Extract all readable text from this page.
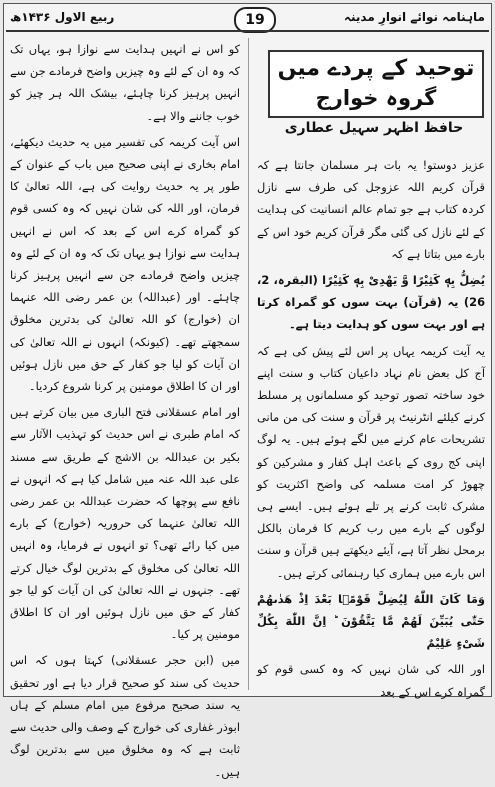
ربیع الاول ۱۴۳۶ھ	19	ماہنامہ نوائے انوارِ مدینہ

کو اس نے انہیں ہدایت سے نوازا ہو، یہاں تک کہ وہ ان کے لئے وہ چیزیں واضح فرمادے جن سے انہیں پرہیز کرنا چاہئے، بیشک اللہ ہر چیز کو خوب جاننے والا ہے۔

اس آیت کریمہ کی تفسیر میں یہ حدیث دیکھئے، امام بخاری نے اپنی صحیح میں باب کے عنوان کے طور پر یہ حدیث روایت کی ہے، اللہ تعالیٰ کا فرمان، اور اللہ کی شان نہیں کہ وہ کسی قوم کو گمراہ کرے اس کے بعد کہ اس نے انہیں ہدایت سے نوازا ہو یہاں تک کہ وہ ان کے لئے وہ چیزیں واضح فرمادے جن سے انہیں پرہیز کرنا چاہئے۔ اور (عبداللہ) بن عمر رضی اللہ عنہما ان (خوارج) کو اللہ تعالیٰ کی بدترین مخلوق سمجھتے تھے۔ (کیونکہ) انہوں نے اللہ تعالیٰ کی ان آیات کو لیا جو کفار کے حق میں نازل ہوئیں اور ان کا اطلاق مومنین پر کرنا شروع کردیا۔

اور امام عسقلانی فتح الباری میں بیان کرتے ہیں کہ امام طبری نے اس حدیث کو تہذیب الآثار سے بکیر بن عبداللہ بن الاشج کے طریق سے مسند علی عبد اللہ عنہ میں شامل کیا ہے کہ انہوں نے نافع سے پوچھا کہ حضرت عبداللہ بن عمر رضی اللہ تعالیٰ عنہما کی حروریہ (خوارج) کے بارے میں کیا رائے تھی؟ تو انہوں نے فرمایا، وہ انہیں اللہ تعالیٰ کی مخلوق کے بدترین لوگ خیال کرتے تھے۔ جنہوں نے اللہ تعالیٰ کی ان آیات کو لیا جو کفار کے حق میں نازل ہوئیں اور ان کا اطلاق مومنین پر کیا۔

میں (ابن حجر عسقلانی) کہتا ہوں کہ اس حدیث کی سند کو صحیح قرار دیا ہے اور تحقیق یہ سند صحیح مرفوع میں امام مسلم کے ہاں ابوذر غفاری کی خوارج کے وصف والی حدیث سے ثابت ہے کہ وہ مخلوق میں سے بدترین لوگ ہیں۔

توحید کے پردے میں
گروہ خوارج
حافظ اظہر سہیل عطاری

عزیز دوستو! یہ بات ہر مسلمان جانتا ہے کہ قرآن کریم اللہ عزوجل کی طرف سے نازل کردہ کتاب ہے جو تمام عالم انسانیت کی ہدایت کے لئے نازل کی گئی مگر قرآن کریم خود اس کے بارے میں بتاتا ہے کہ

یُضِلُّ بِهٖ كَثِیْرًا وَّ یَهْدِیْ بِهٖ كَثِیْرًا (البقرہ، 2، 26) یہ (قرآن) بہت سوں کو گمراہ کرتا ہے اور بہت سوں کو ہدایت دیتا ہے۔

یہ آیت کریمہ یہاں پر اس لئے پیش کی ہے کہ آج کل بعض نام نہاد داعیان کتاب و سنت اپنے خود ساختہ تصور توحید کو مسلمانوں پر مسلط کرنے کیلئے انٹرنیٹ پر قرآن و سنت کی من مانی تشریحات عام کرنے میں لگے ہوئے ہیں۔ یہ لوگ اپنی کج روی کے باعث اہل کفار و مشرکین کو چھوڑ کر امت مسلمہ کی واضح اکثریت کو مشرک ثابت کرنے پر تلے ہوئے ہیں۔ ایسے ہی لوگوں کے بارے میں رب کریم کا فرمان بالکل برمحل نظر آتا ہے، آیئے دیکھتے ہیں قرآن و سنت اس بارے میں ہماری کیا رہنمائی کرتے ہیں۔

وَمَا كَانَ اللّٰهُ لِیُضِلَّ قَوْمًۢا بَعْدَ اِذْ هَدٰىهُمْ حَتّٰى یُبَیِّنَ لَهُمْ مَّا یَتَّقُوْنَ ؕ اِنَّ اللّٰهَ بِكُلِّ شَیْءٍ عَلِیْمٌ

اور اللہ کی شان نہیں کہ وہ کسی قوم کو گمراہ کرے اس کے بعد
